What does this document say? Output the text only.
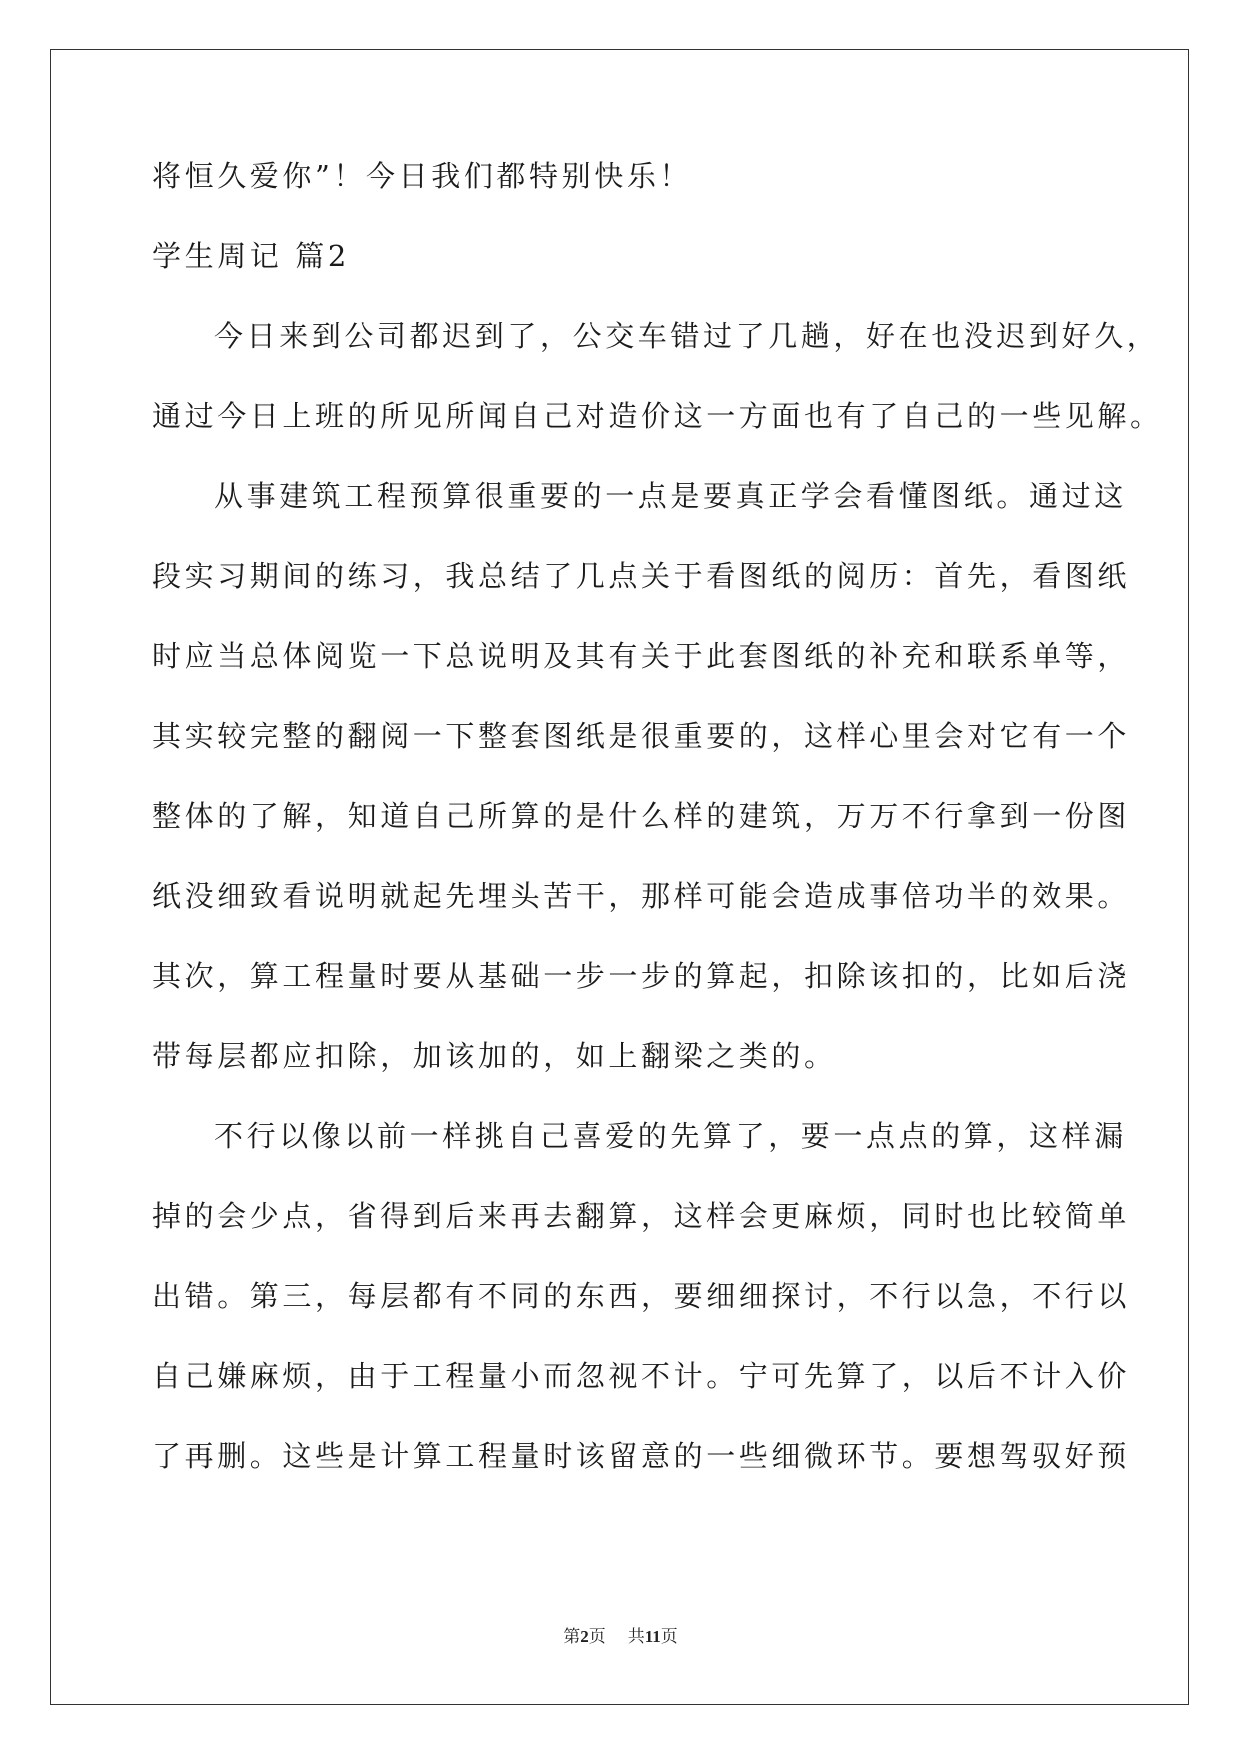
将恒久爱你”！今日我们都特别快乐！
学生周记 篇2
今日来到公司都迟到了，公交车错过了几趟，好在也没迟到好久，
通过今日上班的所见所闻自己对造价这一方面也有了自己的一些见解。
从事建筑工程预算很重要的一点是要真正学会看懂图纸。通过这
段实习期间的练习，我总结了几点关于看图纸的阅历：首先，看图纸
时应当总体阅览一下总说明及其有关于此套图纸的补充和联系单等，
其实较完整的翻阅一下整套图纸是很重要的，这样心里会对它有一个
整体的了解，知道自己所算的是什么样的建筑，万万不行拿到一份图
纸没细致看说明就起先埋头苦干，那样可能会造成事倍功半的效果。
其次，算工程量时要从基础一步一步的算起，扣除该扣的，比如后浇
带每层都应扣除，加该加的，如上翻梁之类的。
不行以像以前一样挑自己喜爱的先算了，要一点点的算，这样漏
掉的会少点，省得到后来再去翻算，这样会更麻烦，同时也比较简单
出错。第三，每层都有不同的东西，要细细探讨，不行以急，不行以
自己嫌麻烦，由于工程量小而忽视不计。宁可先算了，以后不计入价
了再删。这些是计算工程量时该留意的一些细微环节。要想驾驭好预
第2页 共11页
